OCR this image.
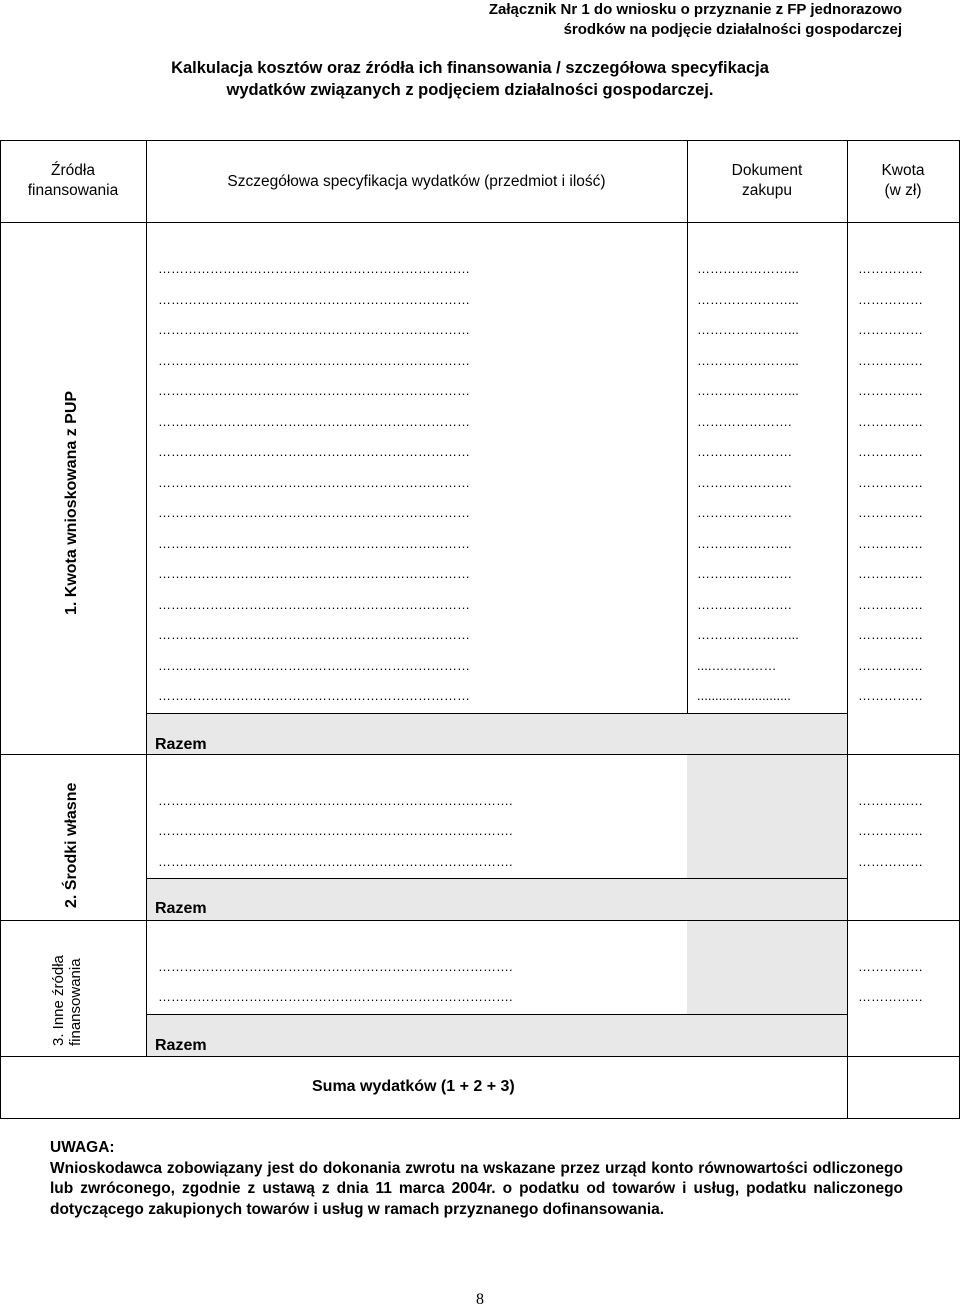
Załącznik Nr 1 do wniosku o przyznanie z FP jednorazowo
środków na podjęcie działalności gospodarczej
Kalkulacja kosztów oraz źródła ich finansowania / szczegółowa specyfikacja
wydatków związanych z podjęciem działalności gospodarczej.
Źródła
finansowania
Szczegółowa specyfikacja wydatków (przedmiot i ilość)
Dokument
zakupu
Kwota
(w zł)
1. Kwota wnioskowana z PUP
2. Środki własne
3. Inne źródła finansowania
………………………………………………………………
………………………………………………………………
………………………………………………………………
………………………………………………………………
………………………………………………………………
………………………………………………………………
………………………………………………………………
………………………………………………………………
………………………………………………………………
………………………………………………………………
………………………………………………………………
………………………………………………………………
………………………………………………………………
………………………………………………………………
………………………………………………………………
…………………...
…………………...
…………………...
…………………...
…………………...
………………….
………………….
………………….
………………….
………………….
………………….
………………….
…………………...
....……………
..........................
……………
……………
……………
……………
……………
……………
……………
……………
……………
……………
……………
……………
……………
……………
……………
Razem
……………………………………………………………………….
……………………………………………………………………….
……………………………………………………………………….
……………
……………
……………
Razem
……………………………………………………………………….
……………………………………………………………………….
……………
……………
Razem
Suma wydatków (1 + 2 + 3)
UWAGA:
Wnioskodawca zobowiązany jest do dokonania zwrotu na wskazane przez urząd konto równowartości odliczonego lub zwróconego, zgodnie z ustawą z dnia 11 marca 2004r. o podatku od towarów i usług, podatku naliczonego dotyczącego zakupionych towarów i usług w ramach przyznanego dofinansowania.
8
